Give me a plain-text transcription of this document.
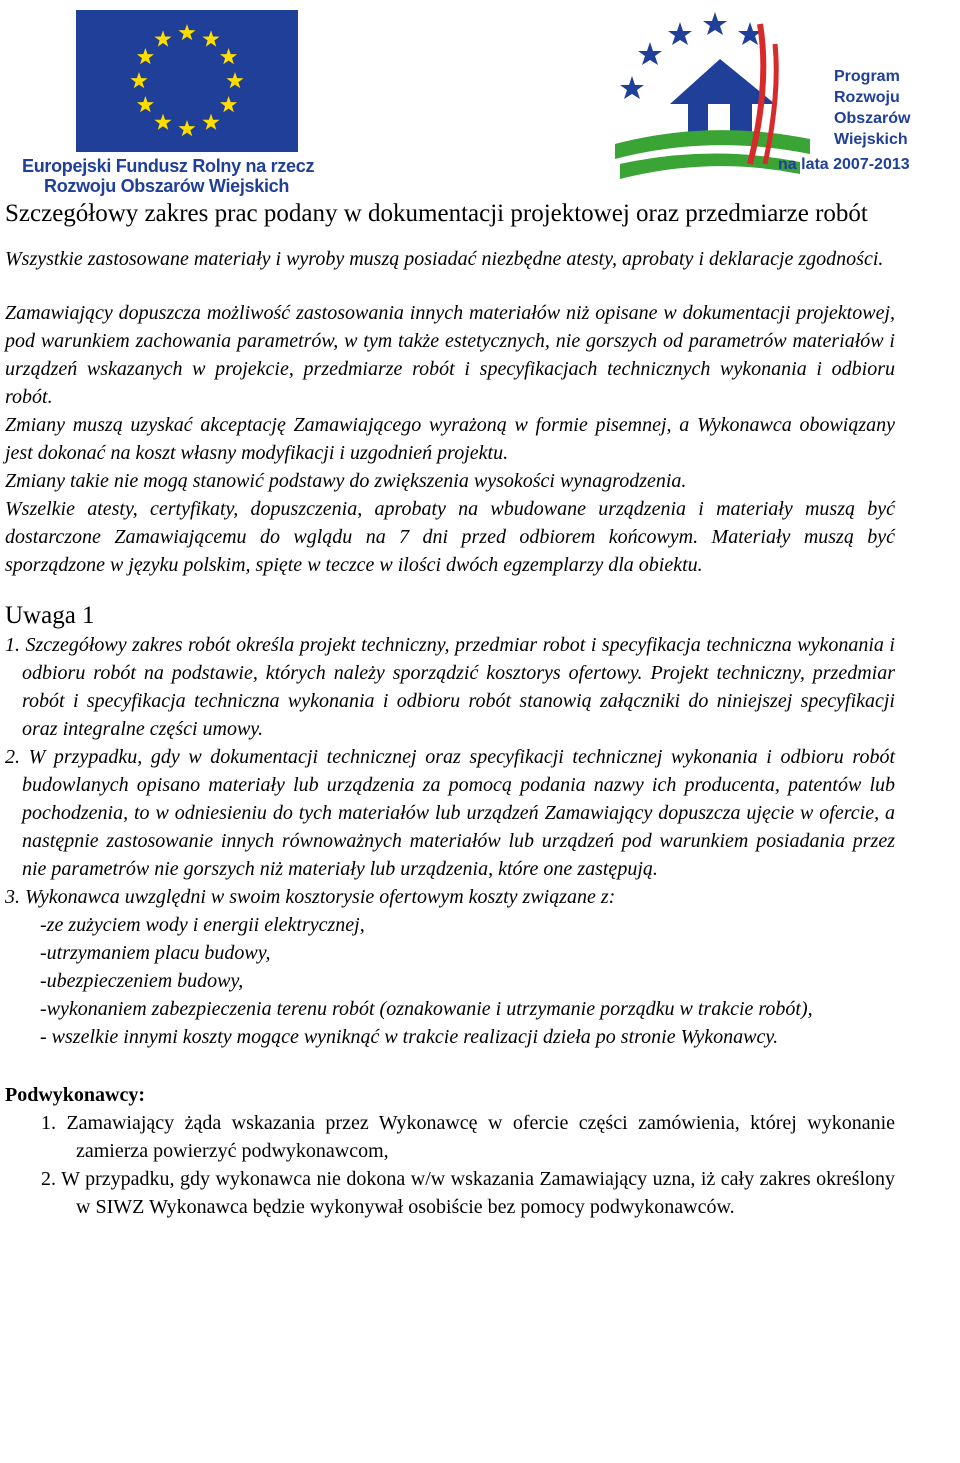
Europejski Fundusz Rolny na rzecz
Rozwoju Obszarów Wiejskich
Program
Rozwoju
Obszarów
Wiejskich
na lata 2007-2013
Szczegółowy zakres prac podany w dokumentacji projektowej oraz przedmiarze robót

Wszystkie zastosowane materiały i wyroby muszą posiadać niezbędne atesty, aprobaty i deklaracje zgodności.

Zamawiający dopuszcza możliwość zastosowania innych materiałów niż opisane w dokumentacji projektowej, pod warunkiem zachowania parametrów, w tym także estetycznych, nie gorszych od parametrów materiałów i urządzeń wskazanych w projekcie, przedmiarze robót i specyfikacjach technicznych wykonania i odbioru robót.
Zmiany muszą uzyskać akceptację Zamawiającego wyrażoną w formie pisemnej, a Wykonawca obowiązany jest dokonać na koszt własny modyfikacji i uzgodnień projektu.
Zmiany takie nie mogą stanowić podstawy do zwiększenia wysokości wynagrodzenia.
Wszelkie atesty, certyfikaty, dopuszczenia, aprobaty na wbudowane urządzenia i materiały muszą być dostarczone Zamawiającemu do wglądu na 7 dni przed odbiorem końcowym. Materiały muszą być sporządzone w języku polskim, spięte w teczce w ilości dwóch egzemplarzy dla obiektu.
Uwaga 1

1. Szczegółowy zakres robót określa projekt techniczny, przedmiar robot i specyfikacja techniczna wykonania i odbioru robót na podstawie, których należy sporządzić kosztorys ofertowy. Projekt techniczny, przedmiar robót i specyfikacja techniczna wykonania i odbioru robót stanowią załączniki do niniejszej specyfikacji oraz integralne części umowy.

2. W przypadku, gdy w dokumentacji technicznej oraz specyfikacji technicznej wykonania i odbioru robót budowlanych opisano materiały lub urządzenia za pomocą podania nazwy ich producenta, patentów lub pochodzenia, to w odniesieniu do tych materiałów lub urządzeń Zamawiający dopuszcza ujęcie w ofercie, a następnie zastosowanie innych równoważnych materiałów lub urządzeń pod warunkiem posiadania przez nie parametrów nie gorszych niż materiały lub urządzenia, które one zastępują.

3. Wykonawca uwzględni w swoim kosztorysie ofertowym koszty związane z:

-ze zużyciem wody i energii elektrycznej,

-utrzymaniem placu budowy,

-ubezpieczeniem budowy,

-wykonaniem zabezpieczenia terenu robót (oznakowanie i utrzymanie porządku w trakcie robót),

- wszelkie innymi koszty mogące wyniknąć w trakcie realizacji dzieła po stronie Wykonawcy.

Podwykonawcy:

1. Zamawiający żąda wskazania przez Wykonawcę w ofercie części zamówienia, której wykonanie zamierza powierzyć podwykonawcom,

2. W przypadku, gdy wykonawca nie dokona w/w wskazania Zamawiający uzna, iż cały zakres określony w SIWZ Wykonawca będzie wykonywał osobiście bez pomocy podwykonawców.
